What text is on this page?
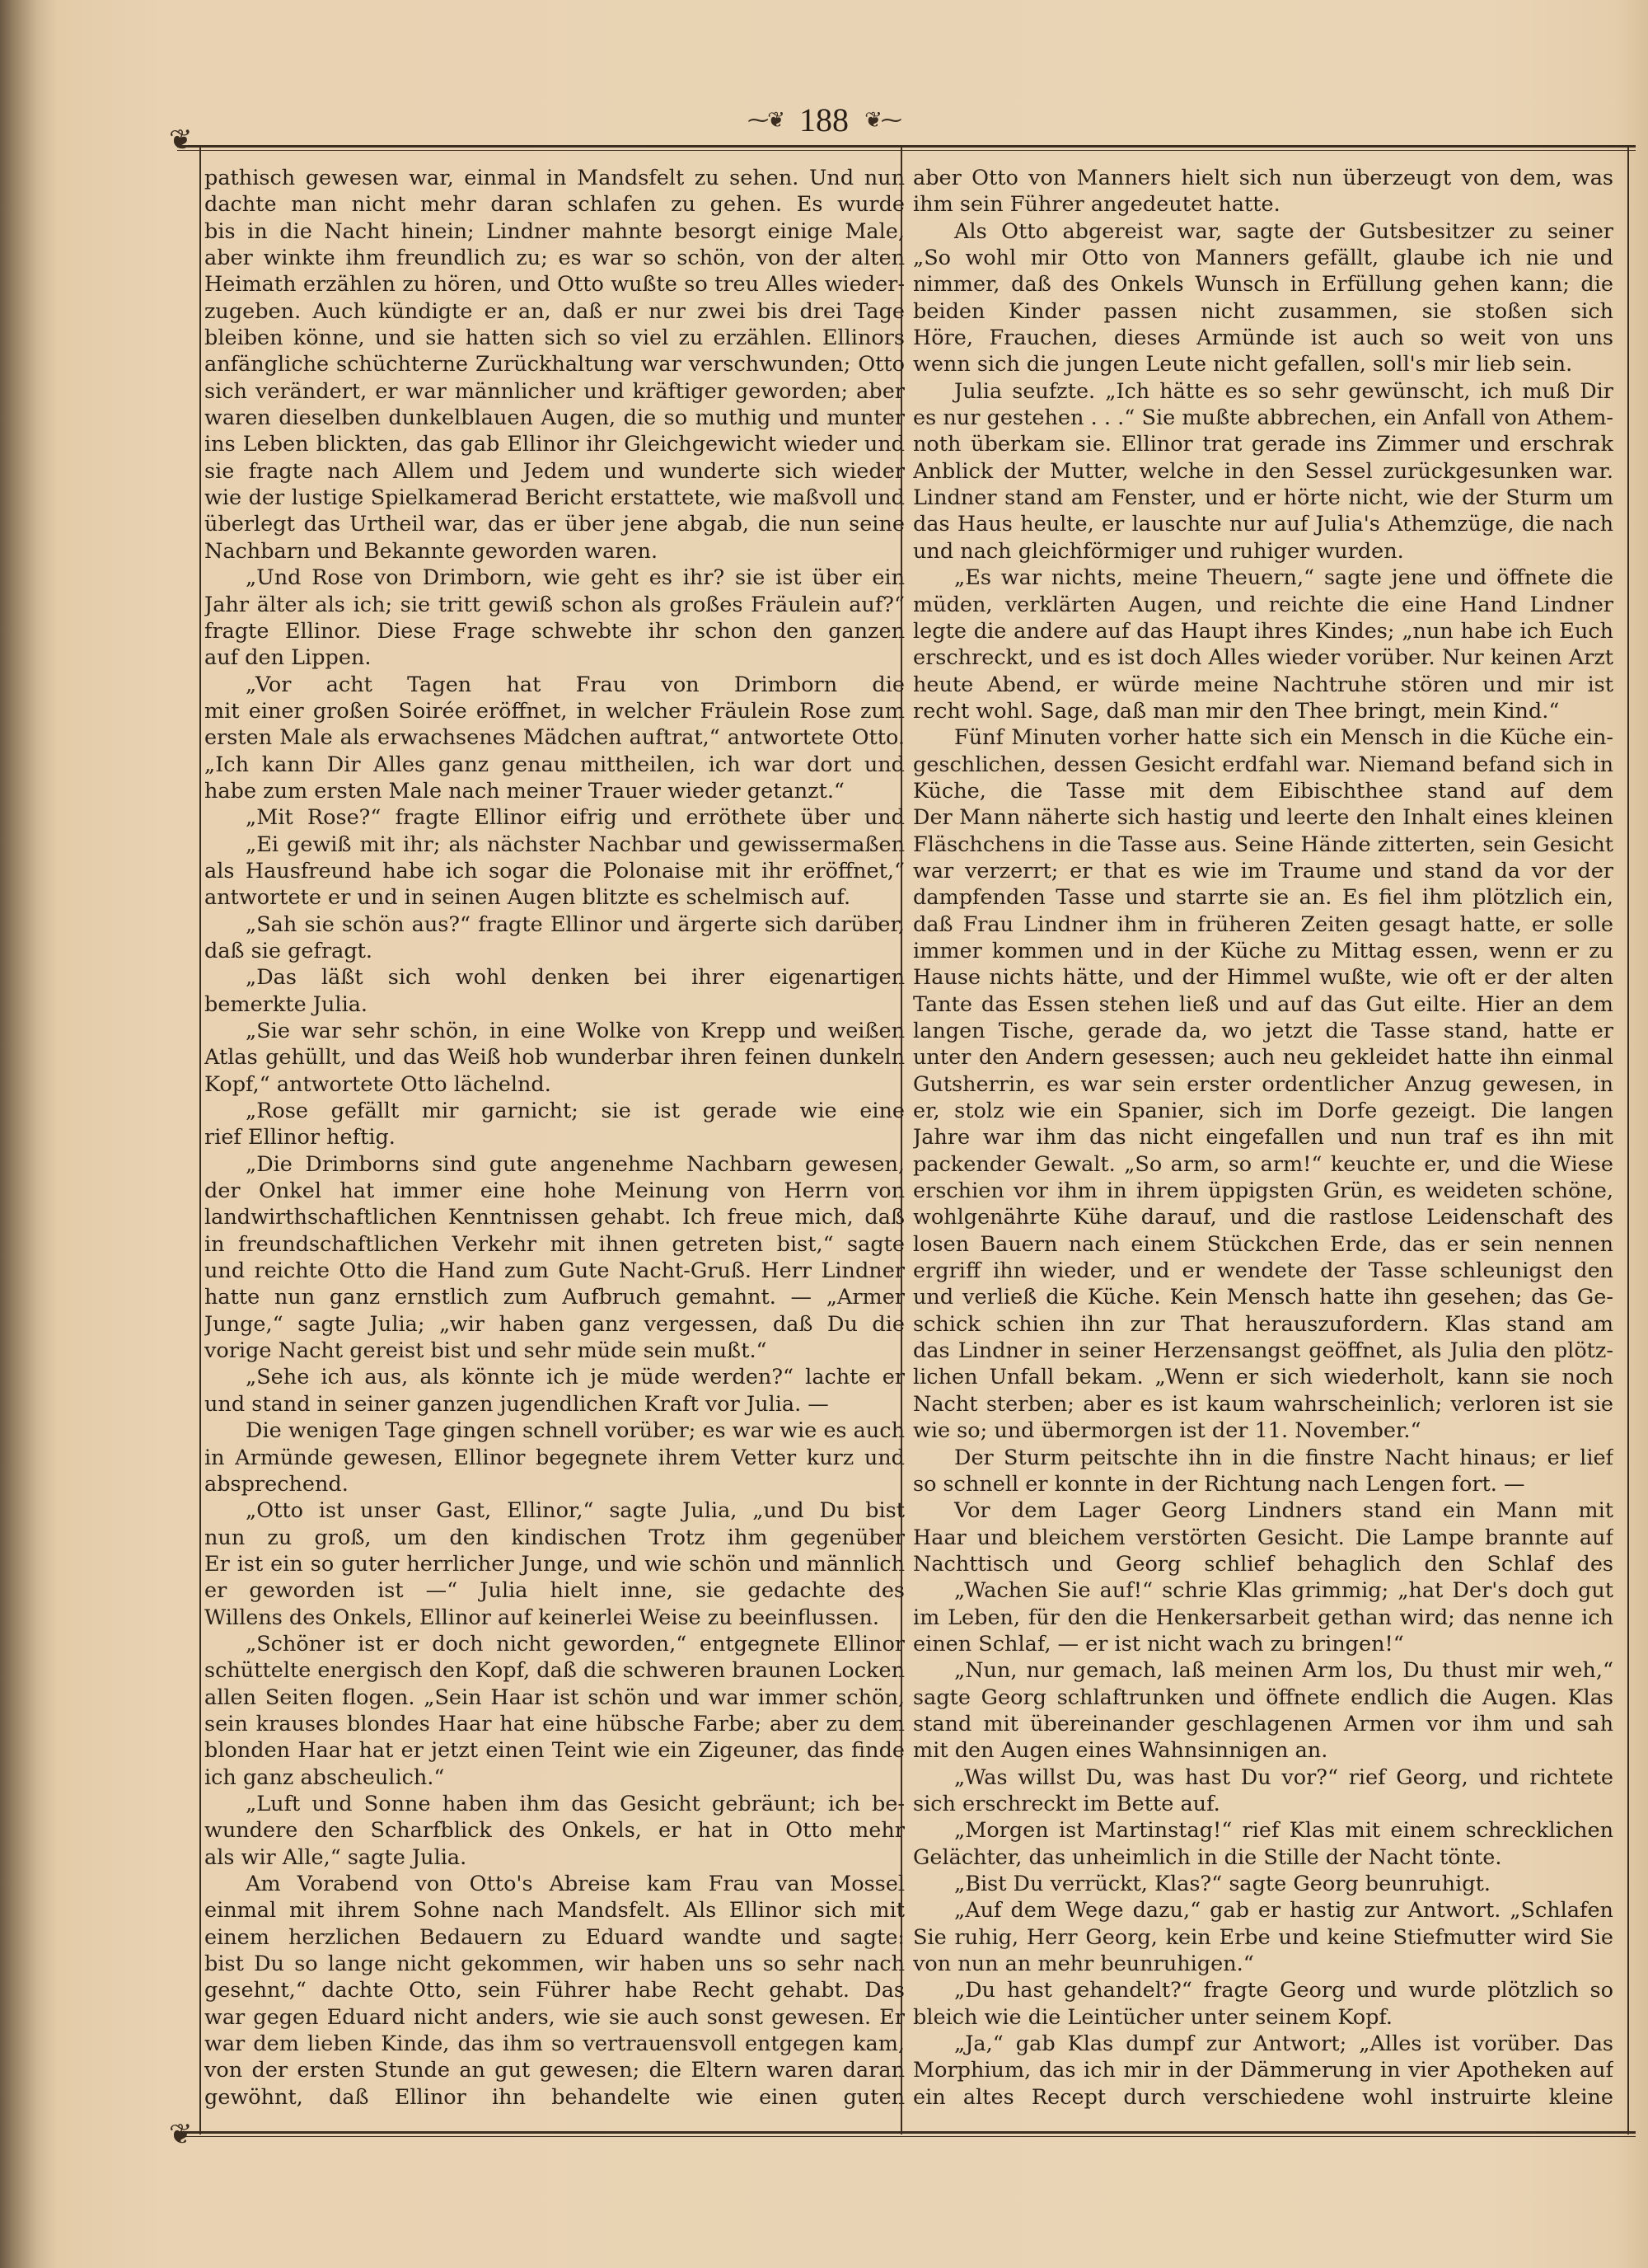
⁓❦ 188 ❦⁓
❦
❦
pathisch gewesen war, einmal in Mandsfelt zu sehen. Und nun
dachte man nicht mehr daran schlafen zu gehen. Es wurde
bis in die Nacht hinein; Lindner mahnte besorgt einige Male,
aber winkte ihm freundlich zu; es war so schön, von der alten
Heimath erzählen zu hören, und Otto wußte so treu Alles wieder-
zugeben. Auch kündigte er an, daß er nur zwei bis drei Tage
bleiben könne, und sie hatten sich so viel zu erzählen. Ellinors
anfängliche schüchterne Zurückhaltung war verschwunden; Otto
sich verändert, er war männlicher und kräftiger geworden; aber
waren dieselben dunkelblauen Augen, die so muthig und munter
ins Leben blickten, das gab Ellinor ihr Gleichgewicht wieder und
sie fragte nach Allem und Jedem und wunderte sich wieder
wie der lustige Spielkamerad Bericht erstattete, wie maßvoll und
überlegt das Urtheil war, das er über jene abgab, die nun seine
Nachbarn und Bekannte geworden waren.
„Und Rose von Drimborn, wie geht es ihr? sie ist über ein
Jahr älter als ich; sie tritt gewiß schon als großes Fräulein auf?“
fragte Ellinor. Diese Frage schwebte ihr schon den ganzen
auf den Lippen.
„Vor acht Tagen hat Frau von Drimborn die
mit einer großen Soirée eröffnet, in welcher Fräulein Rose zum
ersten Male als erwachsenes Mädchen auftrat,“ antwortete Otto.
„Ich kann Dir Alles ganz genau mittheilen, ich war dort und
habe zum ersten Male nach meiner Trauer wieder getanzt.“
„Mit Rose?“ fragte Ellinor eifrig und erröthete über und
„Ei gewiß mit ihr; als nächster Nachbar und gewissermaßen
als Hausfreund habe ich sogar die Polonaise mit ihr eröffnet,“
antwortete er und in seinen Augen blitzte es schelmisch auf.
„Sah sie schön aus?“ fragte Ellinor und ärgerte sich darüber,
daß sie gefragt.
„Das läßt sich wohl denken bei ihrer eigenartigen
bemerkte Julia.
„Sie war sehr schön, in eine Wolke von Krepp und weißen
Atlas gehüllt, und das Weiß hob wunderbar ihren feinen dunkeln
Kopf,“ antwortete Otto lächelnd.
„Rose gefällt mir garnicht; sie ist gerade wie eine
rief Ellinor heftig.
„Die Drimborns sind gute angenehme Nachbarn gewesen,
der Onkel hat immer eine hohe Meinung von Herrn von
landwirthschaftlichen Kenntnissen gehabt. Ich freue mich, daß
in freundschaftlichen Verkehr mit ihnen getreten bist,“ sagte
und reichte Otto die Hand zum Gute Nacht-Gruß. Herr Lindner
hatte nun ganz ernstlich zum Aufbruch gemahnt. — „Armer
Junge,“ sagte Julia; „wir haben ganz vergessen, daß Du die
vorige Nacht gereist bist und sehr müde sein mußt.“
„Sehe ich aus, als könnte ich je müde werden?“ lachte er
und stand in seiner ganzen jugendlichen Kraft vor Julia. —
Die wenigen Tage gingen schnell vorüber; es war wie es auch
in Armünde gewesen, Ellinor begegnete ihrem Vetter kurz und
absprechend.
„Otto ist unser Gast, Ellinor,“ sagte Julia, „und Du bist
nun zu groß, um den kindischen Trotz ihm gegenüber
Er ist ein so guter herrlicher Junge, und wie schön und männlich
er geworden ist —“ Julia hielt inne, sie gedachte des
Willens des Onkels, Ellinor auf keinerlei Weise zu beeinflussen.
„Schöner ist er doch nicht geworden,“ entgegnete Ellinor
schüttelte energisch den Kopf, daß die schweren braunen Locken
allen Seiten flogen. „Sein Haar ist schön und war immer schön,
sein krauses blondes Haar hat eine hübsche Farbe; aber zu dem
blonden Haar hat er jetzt einen Teint wie ein Zigeuner, das finde
ich ganz abscheulich.“
„Luft und Sonne haben ihm das Gesicht gebräunt; ich be-
wundere den Scharfblick des Onkels, er hat in Otto mehr
als wir Alle,“ sagte Julia.
Am Vorabend von Otto's Abreise kam Frau van Mossel
einmal mit ihrem Sohne nach Mandsfelt. Als Ellinor sich mit
einem herzlichen Bedauern zu Eduard wandte und sagte:
bist Du so lange nicht gekommen, wir haben uns so sehr nach
gesehnt,“ dachte Otto, sein Führer habe Recht gehabt. Das
war gegen Eduard nicht anders, wie sie auch sonst gewesen. Er
war dem lieben Kinde, das ihm so vertrauensvoll entgegen kam,
von der ersten Stunde an gut gewesen; die Eltern waren daran
gewöhnt, daß Ellinor ihn behandelte wie einen guten
aber Otto von Manners hielt sich nun überzeugt von dem, was
ihm sein Führer angedeutet hatte.
Als Otto abgereist war, sagte der Gutsbesitzer zu seiner
„So wohl mir Otto von Manners gefällt, glaube ich nie und
nimmer, daß des Onkels Wunsch in Erfüllung gehen kann; die
beiden Kinder passen nicht zusammen, sie stoßen sich
Höre, Frauchen, dieses Armünde ist auch so weit von uns
wenn sich die jungen Leute nicht gefallen, soll's mir lieb sein.
Julia seufzte. „Ich hätte es so sehr gewünscht, ich muß Dir
es nur gestehen . . .“ Sie mußte abbrechen, ein Anfall von Athem-
noth überkam sie. Ellinor trat gerade ins Zimmer und erschrak
Anblick der Mutter, welche in den Sessel zurückgesunken war.
Lindner stand am Fenster, und er hörte nicht, wie der Sturm um
das Haus heulte, er lauschte nur auf Julia's Athemzüge, die nach
und nach gleichförmiger und ruhiger wurden.
„Es war nichts, meine Theuern,“ sagte jene und öffnete die
müden, verklärten Augen, und reichte die eine Hand Lindner
legte die andere auf das Haupt ihres Kindes; „nun habe ich Euch
erschreckt, und es ist doch Alles wieder vorüber. Nur keinen Arzt
heute Abend, er würde meine Nachtruhe stören und mir ist
recht wohl. Sage, daß man mir den Thee bringt, mein Kind.“
Fünf Minuten vorher hatte sich ein Mensch in die Küche ein-
geschlichen, dessen Gesicht erdfahl war. Niemand befand sich in
Küche, die Tasse mit dem Eibischthee stand auf dem
Der Mann näherte sich hastig und leerte den Inhalt eines kleinen
Fläschchens in die Tasse aus. Seine Hände zitterten, sein Gesicht
war verzerrt; er that es wie im Traume und stand da vor der
dampfenden Tasse und starrte sie an. Es fiel ihm plötzlich ein,
daß Frau Lindner ihm in früheren Zeiten gesagt hatte, er solle
immer kommen und in der Küche zu Mittag essen, wenn er zu
Hause nichts hätte, und der Himmel wußte, wie oft er der alten
Tante das Essen stehen ließ und auf das Gut eilte. Hier an dem
langen Tische, gerade da, wo jetzt die Tasse stand, hatte er
unter den Andern gesessen; auch neu gekleidet hatte ihn einmal
Gutsherrin, es war sein erster ordentlicher Anzug gewesen, in
er, stolz wie ein Spanier, sich im Dorfe gezeigt. Die langen
Jahre war ihm das nicht eingefallen und nun traf es ihn mit
packender Gewalt. „So arm, so arm!“ keuchte er, und die Wiese
erschien vor ihm in ihrem üppigsten Grün, es weideten schöne,
wohlgenährte Kühe darauf, und die rastlose Leidenschaft des
losen Bauern nach einem Stückchen Erde, das er sein nennen
ergriff ihn wieder, und er wendete der Tasse schleunigst den
und verließ die Küche. Kein Mensch hatte ihn gesehen; das Ge-
schick schien ihn zur That herauszufordern. Klas stand am
das Lindner in seiner Herzensangst geöffnet, als Julia den plötz-
lichen Unfall bekam. „Wenn er sich wiederholt, kann sie noch
Nacht sterben; aber es ist kaum wahrscheinlich; verloren ist sie
wie so; und übermorgen ist der 11. November.“
Der Sturm peitschte ihn in die finstre Nacht hinaus; er lief
so schnell er konnte in der Richtung nach Lengen fort. —
Vor dem Lager Georg Lindners stand ein Mann mit
Haar und bleichem verstörten Gesicht. Die Lampe brannte auf
Nachttisch und Georg schlief behaglich den Schlaf des
„Wachen Sie auf!“ schrie Klas grimmig; „hat Der's doch gut
im Leben, für den die Henkersarbeit gethan wird; das nenne ich
einen Schlaf, — er ist nicht wach zu bringen!“
„Nun, nur gemach, laß meinen Arm los, Du thust mir weh,“
sagte Georg schlaftrunken und öffnete endlich die Augen. Klas
stand mit übereinander geschlagenen Armen vor ihm und sah
mit den Augen eines Wahnsinnigen an.
„Was willst Du, was hast Du vor?“ rief Georg, und richtete
sich erschreckt im Bette auf.
„Morgen ist Martinstag!“ rief Klas mit einem schrecklichen
Gelächter, das unheimlich in die Stille der Nacht tönte.
„Bist Du verrückt, Klas?“ sagte Georg beunruhigt.
„Auf dem Wege dazu,“ gab er hastig zur Antwort. „Schlafen
Sie ruhig, Herr Georg, kein Erbe und keine Stiefmutter wird Sie
von nun an mehr beunruhigen.“
„Du hast gehandelt?“ fragte Georg und wurde plötzlich so
bleich wie die Leintücher unter seinem Kopf.
„Ja,“ gab Klas dumpf zur Antwort; „Alles ist vorüber. Das
Morphium, das ich mir in der Dämmerung in vier Apotheken auf
ein altes Recept durch verschiedene wohl instruirte kleine
